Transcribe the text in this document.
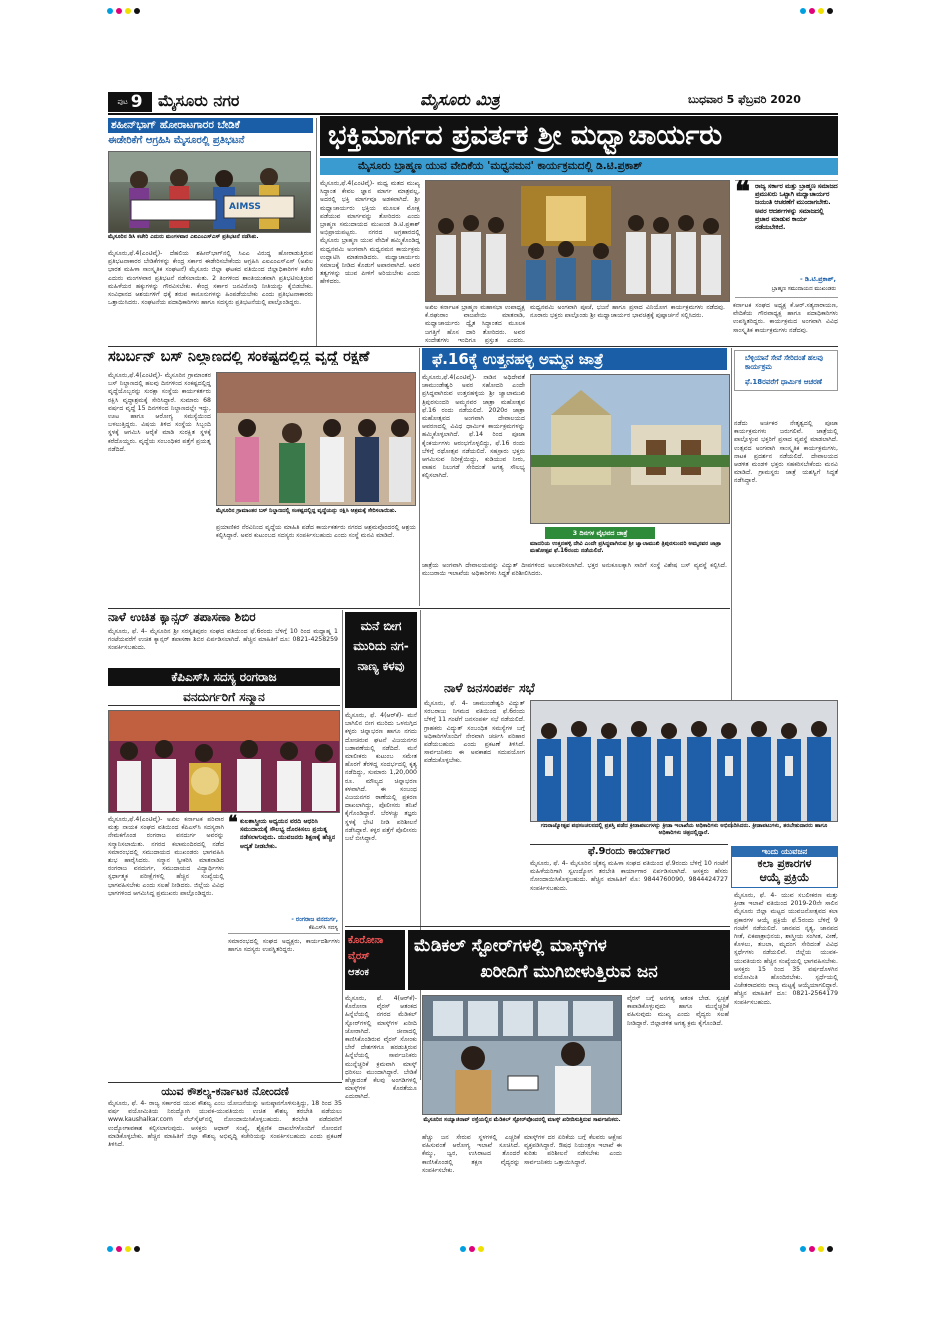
ಪುಟ 9 ಮೈಸೂರು ನಗರ	ಮೈಸೂರು ಮಿತ್ರ	ಬುಧವಾರ 5 ಫೆಬ್ರವರಿ 2020
ಶಹೀನ್‌ಭಾಗ್ ಹೋರಾಟಗಾರರ ಬೇಡಿಕೆ
ಈಡೇರಿಕೆಗೆ ಆಗ್ರಹಿಸಿ ಮೈಸೂರಲ್ಲಿ ಪ್ರತಿಭಟನೆ
AIMSS
ಮೈಸೂರಿನ ಡಿಸಿ ಕಚೇರಿ ಎದುರು ಮಂಗಳವಾರ ಎಐಎಂಎಸ್‌ಎಸ್ ಪ್ರತಿಭಟನೆ ನಡೆಸಿತು.
ಮೈಸೂರು,ಫೆ.4(ಎಂಟಿವೈ)- ದೆಹಲಿಯ ಶಹೀನ್‌ಭಾಗ್‌ನಲ್ಲಿ ಸಿಎಎ ವಿರುದ್ಧ ಹೋರಾಡುತ್ತಿರುವ ಪ್ರತಿಭಟನಾಕಾರರ ಬೇಡಿಕೆಗಳನ್ನು ಕೇಂದ್ರ ಸರ್ಕಾರ ಈಡೇರಿಸಬೇಕೆಂದು ಆಗ್ರಹಿಸಿ ಎಐಎಂಎಸ್‌ಎಸ್ (ಅಖಿಲ ಭಾರತ ಮಹಿಳಾ ಸಾಂಸ್ಕೃತಿಕ ಸಂಘಟನೆ) ಮೈಸೂರು ಜಿಲ್ಲಾ ಘಟಕದ ವತಿಯಿಂದ ಜಿಲ್ಲಾಧಿಕಾರಿಗಳ ಕಚೇರಿ ಎದುರು ಮಂಗಳವಾರ ಪ್ರತಿಭಟನೆ ನಡೆಸಲಾಯಿತು. 2 ತಿಂಗಳಿಂದ ಶಾಂತಿಯುತವಾಗಿ ಪ್ರತಿಭಟಿಸುತ್ತಿರುವ ಮಹಿಳೆಯರ ಹಕ್ಕುಗಳನ್ನು ಗೌರವಿಸಬೇಕು. ಕೇಂದ್ರ ಸರ್ಕಾರ ಜನವಿರೋಧಿ ನೀತಿಯನ್ನು ಕೈಬಿಡಬೇಕು. ಸಂವಿಧಾನದ ಆಶಯಗಳಿಗೆ ಧಕ್ಕೆ ತರುವ ಕಾನೂನುಗಳನ್ನು ಹಿಂಪಡೆಯಬೇಕು ಎಂದು ಪ್ರತಿಭಟನಾಕಾರರು ಒತ್ತಾಯಿಸಿದರು. ಸಂಘಟನೆಯ ಪದಾಧಿಕಾರಿಗಳು ಹಾಗೂ ಸದಸ್ಯರು ಪ್ರತಿಭಟನೆಯಲ್ಲಿ ಪಾಲ್ಗೊಂಡಿದ್ದರು.
ಭಕ್ತಿಮಾರ್ಗದ ಪ್ರವರ್ತಕ ಶ್ರೀ ಮಧ್ವಾಚಾರ್ಯರು
ಮೈಸೂರು ಬ್ರಾಹ್ಮಣ ಯುವ ವೇದಿಕೆಯ 'ಮಧ್ವನಮನ' ಕಾರ್ಯಕ್ರಮದಲ್ಲಿ ಡಿ.ಟಿ.ಪ್ರಕಾಶ್
ಮೈಸೂರು,ಫೆ.4(ಎಂಟಿವೈ)- ಮಧ್ವ ಮತದ ಮುಖ್ಯ ಸಿದ್ಧಾಂತ ಕೇವಲ ಜ್ಞಾನ ಮಾರ್ಗ ಮಾತ್ರವಲ್ಲ, ಅದರಲ್ಲಿ ಭಕ್ತಿ ಮಾರ್ಗವೂ ಅಡಕವಾಗಿದೆ. ಶ್ರೀ ಮಧ್ವಾಚಾರ್ಯರು ಭಕ್ತಿಯ ಮೂಲಕ ಮೋಕ್ಷ ಪಡೆಯುವ ಮಾರ್ಗವನ್ನು ತೋರಿದರು ಎಂದು ಬ್ರಾಹ್ಮಣ ಸಮುದಾಯದ ಮುಖಂಡ ಡಿ.ಟಿ.ಪ್ರಕಾಶ್ ಅಭಿಪ್ರಾಯಪಟ್ಟರು. ನಗರದ ಅಗ್ರಹಾರದಲ್ಲಿ ಮೈಸೂರು ಬ್ರಾಹ್ಮಣ ಯುವ ವೇದಿಕೆ ಹಮ್ಮಿಕೊಂಡಿದ್ದ ಮಧ್ವನವಮಿ ಅಂಗವಾಗಿ ಮಧ್ವನಮನ ಕಾರ್ಯಕ್ರಮ ಉದ್ಘಾಟಿಸಿ ಮಾತನಾಡಿದರು. ಮಧ್ವಾಚಾರ್ಯರು ಸಮಾಜಕ್ಕೆ ನೀಡಿದ ಕೊಡುಗೆ ಅಪಾರವಾಗಿದೆ. ಅವರ ತತ್ವಗಳನ್ನು ಯುವ ಪೀಳಿಗೆ ಅರಿಯಬೇಕು ಎಂದು ಹೇಳಿದರು.
ಅಖಿಲ ಕರ್ನಾಟಕ ಬ್ರಾಹ್ಮಣ ಮಹಾಸಭಾ ಉಪಾಧ್ಯಕ್ಷ ಕೆ.ರಘುರಾಂ ವಾಜಪೇಯಿ ಮಾತನಾಡಿ, ಮಧ್ವಾಚಾರ್ಯರು ದ್ವೈತ ಸಿದ್ಧಾಂತದ ಮೂಲಕ ಜಗತ್ತಿಗೆ ಹೊಸ ದಾರಿ ತೋರಿದರು. ಅವರ ಸಂದೇಶಗಳು ಇಂದಿಗೂ ಪ್ರಸ್ತುತ ಎಂದರು.
ಮಧ್ವನವಮಿ ಅಂಗವಾಗಿ ಪೂಜೆ, ಭಜನೆ ಹಾಗೂ ಪ್ರಸಾದ ವಿನಿಯೋಗ ಕಾರ್ಯಕ್ರಮಗಳು ನಡೆದವು. ನೂರಾರು ಭಕ್ತರು ಪಾಲ್ಗೊಂಡು ಶ್ರೀ ಮಧ್ವಾಚಾರ್ಯರ ಭಾವಚಿತ್ರಕ್ಕೆ ಪುಷ್ಪಾರ್ಚನೆ ಸಲ್ಲಿಸಿದರು.
❝ ರಾಜ್ಯ ಸರ್ಕಾರ ಮತ್ತು ಬ್ರಾಹ್ಮಣ ಸಮಾಜದ ಪ್ರಮುಖರು ಒಟ್ಟಾಗಿ ಮಧ್ವಾಚಾರ್ಯರ ಜಯಂತಿ ಆಚರಣೆಗೆ ಮುಂದಾಗಬೇಕು. ಅವರ ಆದರ್ಶಗಳನ್ನು ಸಮಾಜದಲ್ಲಿ ಪ್ರಚಾರ ಮಾಡುವ ಕಾರ್ಯ ನಡೆಯಬೇಕಿದೆ.
- ಡಿ.ಟಿ.ಪ್ರಕಾಶ್,
ಬ್ರಾಹ್ಮಣ ಸಮುದಾಯದ ಮುಖಂಡರು
ಕರ್ನಾಟಕ ಸಂಘದ ಅಧ್ಯಕ್ಷ ಕೆ.ಆರ್.ಸತ್ಯನಾರಾಯಣ, ವೇದಿಕೆಯ ಗೌರವಾಧ್ಯಕ್ಷ ಹಾಗೂ ಪದಾಧಿಕಾರಿಗಳು ಉಪಸ್ಥಿತರಿದ್ದರು. ಕಾರ್ಯಕ್ರಮದ ಅಂಗವಾಗಿ ವಿವಿಧ ಸಾಂಸ್ಕೃತಿಕ ಕಾರ್ಯಕ್ರಮಗಳು ನಡೆದವು.
ಸಬರ್ಬನ್ ಬಸ್ ನಿಲ್ದಾಣದಲ್ಲಿ ಸಂಕಷ್ಟದಲ್ಲಿದ್ದ ವೃದ್ಧೆ ರಕ್ಷಣೆ
ಮೈಸೂರು,ಫೆ.4(ಎಂಟಿವೈ)- ಮೈಸೂರಿನ ಗ್ರಾಮಾಂತರ ಬಸ್ ನಿಲ್ದಾಣದಲ್ಲಿ ಹಲವು ದಿನಗಳಿಂದ ಸಂಕಷ್ಟದಲ್ಲಿದ್ದ ವೃದ್ಧೆಯೊಬ್ಬರನ್ನು ಸುರಕ್ಷಾ ಸಂಸ್ಥೆಯ ಕಾರ್ಯಕರ್ತರು ರಕ್ಷಿಸಿ ವೃದ್ಧಾಶ್ರಮಕ್ಕೆ ಸೇರಿಸಿದ್ದಾರೆ. ಸುಮಾರು 68 ವರ್ಷದ ವೃದ್ಧೆ 15 ದಿನಗಳಿಂದ ನಿಲ್ದಾಣದಲ್ಲೇ ಇದ್ದು, ಊಟ ಹಾಗೂ ಆರೋಗ್ಯ ಸಮಸ್ಯೆಯಿಂದ ಬಳಲುತ್ತಿದ್ದರು. ವಿಷಯ ತಿಳಿದ ಸಂಸ್ಥೆಯ ಸಿಬ್ಬಂದಿ ಸ್ಥಳಕ್ಕೆ ಆಗಮಿಸಿ ಆರೈಕೆ ಮಾಡಿ ಸುರಕ್ಷಿತ ಸ್ಥಳಕ್ಕೆ ಕರೆದೊಯ್ದರು. ವೃದ್ಧೆಯ ಸಂಬಂಧಿಕರ ಪತ್ತೆಗೆ ಪ್ರಯತ್ನ ನಡೆದಿದೆ.
ಮೈಸೂರಿನ ಗ್ರಾಮಾಂತರ ಬಸ್ ನಿಲ್ದಾಣದಲ್ಲಿ ಸಂಕಷ್ಟದಲ್ಲಿದ್ದ ವೃದ್ಧೆಯನ್ನು ರಕ್ಷಿಸಿ ಆಶ್ರಮಕ್ಕೆ ಸೇರಿಸಲಾಯಿತು.
ಪ್ರಯಾಣಿಕರ ನೆರವಿನಿಂದ ವೃದ್ಧೆಯ ಮಾಹಿತಿ ಪಡೆದ ಕಾರ್ಯಕರ್ತರು ನಗರದ ಆಶ್ರಮವೊಂದರಲ್ಲಿ ಆಶ್ರಯ ಕಲ್ಪಿಸಿದ್ದಾರೆ. ಅವರ ಕುಟುಂಬದ ಸದಸ್ಯರು ಸಂಪರ್ಕಿಸಬಹುದು ಎಂದು ಸಂಸ್ಥೆ ಮನವಿ ಮಾಡಿದೆ.
ಫೆ.16ಕ್ಕೆ ಉತ್ತನಹಳ್ಳಿ ಅಮ್ಮನ ಜಾತ್ರೆ
ಮೈಸೂರು,ಫೆ.4(ಎಂಟಿವೈ)- ನಾಡಿನ ಅಧಿದೇವತೆ ಚಾಮುಂಡೇಶ್ವರಿ ಅವರ ಸಹೋದರಿ ಎಂದೇ ಪ್ರಸಿದ್ಧವಾಗಿರುವ ಉತ್ತನಹಳ್ಳಿಯ ಶ್ರೀ ಜ್ವಾಲಾಮುಖಿ ತ್ರಿಪುರಸುಂದರಿ ಅಮ್ಮನವರ ಜಾತ್ರಾ ಮಹೋತ್ಸವ ಫೆ.16 ರಂದು ನಡೆಯಲಿದೆ. 2020ರ ಜಾತ್ರಾ ಮಹೋತ್ಸವದ ಅಂಗವಾಗಿ ದೇವಾಲಯದ ಆವರಣದಲ್ಲಿ ವಿವಿಧ ಧಾರ್ಮಿಕ ಕಾರ್ಯಕ್ರಮಗಳನ್ನು ಹಮ್ಮಿಕೊಳ್ಳಲಾಗಿದೆ. ಫೆ.14 ರಿಂದ ಪೂಜಾ ಕೈಂಕರ್ಯಗಳು ಆರಂಭಗೊಳ್ಳಲಿದ್ದು, ಫೆ.16 ರಂದು ಬೆಳಿಗ್ಗೆ ರಥೋತ್ಸವ ನಡೆಯಲಿದೆ. ಸಹಸ್ರಾರು ಭಕ್ತರು ಆಗಮಿಸುವ ನಿರೀಕ್ಷೆಯಿದ್ದು, ಕುಡಿಯುವ ನೀರು, ವಾಹನ ನಿಲುಗಡೆ ಸೇರಿದಂತೆ ಅಗತ್ಯ ಸೌಲಭ್ಯ ಕಲ್ಪಿಸಲಾಗಿದೆ.
3 ದಿನಗಳ ವೈಭವದ ಜಾತ್ರೆ
ಮಾದರಿಯ ಉತ್ತನಹಳ್ಳಿ ದೇವಿ ಎಂದೇ ಪ್ರಸಿದ್ಧವಾಗಿರುವ ಶ್ರೀ ಜ್ವಾಲಾಮುಖಿ ತ್ರಿಪುರಸುಂದರಿ ಅಮ್ಮನವರ ಜಾತ್ರಾ ಮಹೋತ್ಸವ ಫೆ.16ರಂದು ನಡೆಯಲಿದೆ.
ಜಾತ್ರೆಯ ಅಂಗವಾಗಿ ದೇವಾಲಯವನ್ನು ವಿದ್ಯುತ್ ದೀಪಗಳಿಂದ ಅಲಂಕರಿಸಲಾಗಿದೆ. ಭಕ್ತರ ಅನುಕೂಲಕ್ಕಾಗಿ ಸಾರಿಗೆ ಸಂಸ್ಥೆ ವಿಶೇಷ ಬಸ್ ವ್ಯವಸ್ಥೆ ಕಲ್ಪಿಸಿದೆ. ಮುಜರಾಯಿ ಇಲಾಖೆಯ ಅಧಿಕಾರಿಗಳು ಸಿದ್ಧತೆ ಪರಿಶೀಲಿಸಿದರು.
ಬೆಳ್ಳಿಯಾನೆ ಸೇವೆ ಸೇರಿದಂತೆ ಹಲವು ಕಾರ್ಯಕ್ರಮ
ಫೆ.18ರವರೆಗೆ ಧಾರ್ಮಿಕ ಆಚರಣೆ
ನಡೆದು ಅರ್ಚಕರ ನೇತೃತ್ವದಲ್ಲಿ ಪೂಜಾ ಕಾರ್ಯಕ್ರಮಗಳು ಜರುಗಲಿವೆ. ಜಾತ್ರೆಯಲ್ಲಿ ಪಾಲ್ಗೊಳ್ಳುವ ಭಕ್ತರಿಗೆ ಪ್ರಸಾದ ವ್ಯವಸ್ಥೆ ಮಾಡಲಾಗಿದೆ. ಉತ್ಸವದ ಅಂಗವಾಗಿ ಸಾಂಸ್ಕೃತಿಕ ಕಾರ್ಯಕ್ರಮಗಳು, ನಾಟಕ ಪ್ರದರ್ಶನ ನಡೆಯಲಿದೆ. ದೇವಾಲಯದ ಆಡಳಿತ ಮಂಡಳಿ ಭಕ್ತರು ಸಹಕರಿಸಬೇಕೆಂದು ಮನವಿ ಮಾಡಿದೆ. ಗ್ರಾಮಸ್ಥರು ಜಾತ್ರೆ ಯಶಸ್ವಿಗೆ ಸಿದ್ಧತೆ ನಡೆಸಿದ್ದಾರೆ.
ನಾಳೆ ಉಚಿತ ಕ್ಯಾನ್ಸರ್ ತಪಾಸಣಾ ಶಿಬಿರ
ಮೈಸೂರು, ಫೆ. 4- ಮೈಸೂರಿನ ಶ್ರೀ ಸರಸ್ವತಿಪುರಂ ಸಂಘದ ವತಿಯಿಂದ ಫೆ.6ರಂದು ಬೆಳಿಗ್ಗೆ 10 ರಿಂದ ಮಧ್ಯಾಹ್ನ 1 ಗಂಟೆಯವರೆಗೆ ಉಚಿತ ಕ್ಯಾನ್ಸರ್ ತಪಾಸಣಾ ಶಿಬಿರ ಏರ್ಪಡಿಸಲಾಗಿದೆ. ಹೆಚ್ಚಿನ ಮಾಹಿತಿಗೆ ದೂ: 0821-4258259 ಸಂಪರ್ಕಿಸಬಹುದು.
ಕೆಪಿಎಸ್‌ಸಿ ಸದಸ್ಯ ರಂಗರಾಜ
ವನದುರ್ಗರಿಗೆ ಸನ್ಮಾನ
ಮೈಸೂರು,ಫೆ.4(ಎಂಟಿವೈ)- ಅಖಿಲ ಕರ್ನಾಟಕ ಪರಿವಾರ ಮತ್ತು ನಾಯಕ ಸಂಘದ ವತಿಯಿಂದ ಕೆಪಿಎಸ್‌ಸಿ ಸದಸ್ಯರಾಗಿ ನೇಮಕಗೊಂಡ ರಂಗರಾಜ ವನದುರ್ಗ ಅವರನ್ನು ಸನ್ಮಾನಿಸಲಾಯಿತು. ನಗರದ ಕಲಾಮಂದಿರದಲ್ಲಿ ನಡೆದ ಸಮಾರಂಭದಲ್ಲಿ ಸಮುದಾಯದ ಮುಖಂಡರು ಭಾಗವಹಿಸಿ ಶುಭ ಹಾರೈಸಿದರು. ಸನ್ಮಾನ ಸ್ವೀಕರಿಸಿ ಮಾತನಾಡಿದ ರಂಗರಾಜ ವನದುರ್ಗ, ಸಮುದಾಯದ ವಿದ್ಯಾರ್ಥಿಗಳು ಸ್ಪರ್ಧಾತ್ಮಕ ಪರೀಕ್ಷೆಗಳಲ್ಲಿ ಹೆಚ್ಚಿನ ಸಂಖ್ಯೆಯಲ್ಲಿ ಭಾಗವಹಿಸಬೇಕು ಎಂದು ಸಲಹೆ ನೀಡಿದರು. ಜಿಲ್ಲೆಯ ವಿವಿಧ ಭಾಗಗಳಿಂದ ಆಗಮಿಸಿದ್ದ ಪ್ರಮುಖರು ಪಾಲ್ಗೊಂಡಿದ್ದರು.
❝ ಕುಲಶಾಸ್ತ್ರೀಯ ಅಧ್ಯಯನ ವರದಿ ಆಧರಿಸಿ ಸಮುದಾಯಕ್ಕೆ ಸೌಲಭ್ಯ ದೊರಕಿಸಲು ಪ್ರಯತ್ನ ನಡೆಸಲಾಗುವುದು. ಯುವಜನರು ಶಿಕ್ಷಣಕ್ಕೆ ಹೆಚ್ಚಿನ ಆದ್ಯತೆ ನೀಡಬೇಕು.
- ರಂಗರಾಜ ವನದುರ್ಗ,
ಕೆಪಿಎಸ್‌ಸಿ ಸದಸ್ಯ
ಸಮಾರಂಭದಲ್ಲಿ ಸಂಘದ ಅಧ್ಯಕ್ಷರು, ಕಾರ್ಯದರ್ಶಿಗಳು ಹಾಗೂ ಸದಸ್ಯರು ಉಪಸ್ಥಿತರಿದ್ದರು.
ಮನೆ ಬೀಗ
ಮುರಿದು ನಗ-
ನಾಣ್ಯ ಕಳವು
ಮೈಸೂರು, ಫೆ. 4(ಆರ್‌ಕೆ)- ಮನೆ ಬಾಗಿಲಿನ ಬೀಗ ಮುರಿದು ಒಳನುಗ್ಗಿದ ಕಳ್ಳರು ಚಿನ್ನಾಭರಣ ಹಾಗೂ ನಗದು ದೋಚಿರುವ ಘಟನೆ ವಿಜಯನಗರ ಬಡಾವಣೆಯಲ್ಲಿ ನಡೆದಿದೆ. ಮನೆ ಮಾಲೀಕರು ಕುಟುಂಬ ಸಮೇತ ಹೊರಗೆ ತೆರಳಿದ್ದ ಸಂದರ್ಭದಲ್ಲಿ ಕೃತ್ಯ ನಡೆದಿದ್ದು, ಸುಮಾರು 1,20,000 ರೂ. ಮೌಲ್ಯದ ಚಿನ್ನಾಭರಣ ಕಳವಾಗಿದೆ. ಈ ಸಂಬಂಧ ವಿಜಯನಗರ ಠಾಣೆಯಲ್ಲಿ ಪ್ರಕರಣ ದಾಖಲಾಗಿದ್ದು, ಪೊಲೀಸರು ತನಿಖೆ ಕೈಗೊಂಡಿದ್ದಾರೆ. ಬೆರಳಚ್ಚು ತಜ್ಞರು ಸ್ಥಳಕ್ಕೆ ಭೇಟಿ ನೀಡಿ ಪರಿಶೀಲನೆ ನಡೆಸಿದ್ದಾರೆ. ಕಳ್ಳರ ಪತ್ತೆಗೆ ಪೊಲೀಸರು ಬಲೆ ಬೀಸಿದ್ದಾರೆ.
ನಾಳೆ ಜನಸಂಪರ್ಕ ಸಭೆ
ಮೈಸೂರು, ಫೆ. 4- ಚಾಮುಂಡೇಶ್ವರಿ ವಿದ್ಯುತ್ ಸರಬರಾಜು ನಿಗಮದ ವತಿಯಿಂದ ಫೆ.6ರಂದು ಬೆಳಿಗ್ಗೆ 11 ಗಂಟೆಗೆ ಜನಸಂಪರ್ಕ ಸಭೆ ನಡೆಯಲಿದೆ. ಗ್ರಾಹಕರು ವಿದ್ಯುತ್ ಸಂಬಂಧಿತ ಸಮಸ್ಯೆಗಳ ಬಗ್ಗೆ ಅಧಿಕಾರಿಗಳೊಂದಿಗೆ ನೇರವಾಗಿ ಚರ್ಚಿಸಿ ಪರಿಹಾರ ಪಡೆಯಬಹುದು ಎಂದು ಪ್ರಕಟಣೆ ತಿಳಿಸಿದೆ. ಸಾರ್ವಜನಿಕರು ಈ ಅವಕಾಶದ ಸದುಪಯೋಗ ಪಡೆದುಕೊಳ್ಳಬೇಕು.
ಗಣರಾಜ್ಯೋತ್ಸವ ಪಥಸಂಚಲನದಲ್ಲಿ ಪ್ರಶಸ್ತಿ ಪಡೆದ ಕ್ರೀಡಾಪಟುಗಳನ್ನು ಕ್ರೀಡಾ ಇಲಾಖೆಯ ಅಧಿಕಾರಿಗಳು ಅಭಿನಂದಿಸಿದರು. ಕ್ರೀಡಾಪಟುಗಳು, ತರಬೇತುದಾರರು ಹಾಗೂ ಅಧಿಕಾರಿಗಳು ಚಿತ್ರದಲ್ಲಿದ್ದಾರೆ.
ಫೆ.9ರಂದು ಕಾರ್ಯಾಗಾರ
ಮೈಸೂರು, ಫೆ. 4- ಮೈಸೂರಿನ ಚೈತನ್ಯ ಮಹಿಳಾ ಸಂಘದ ವತಿಯಿಂದ ಫೆ.9ರಂದು ಬೆಳಿಗ್ಗೆ 10 ಗಂಟೆಗೆ ಮಹಿಳೆಯರಿಗಾಗಿ ಸ್ವಉದ್ಯೋಗ ತರಬೇತಿ ಕಾರ್ಯಾಗಾರ ಏರ್ಪಡಿಸಲಾಗಿದೆ. ಆಸಕ್ತರು ಹೆಸರು ನೋಂದಾಯಿಸಿಕೊಳ್ಳಬಹುದು. ಹೆಚ್ಚಿನ ಮಾಹಿತಿಗೆ ಮೊ: 9844760090, 9844424727 ಸಂಪರ್ಕಿಸಬಹುದು.
ಇಂದು ಯುವಜನ
ಕಲಾ ಪ್ರಕಾರಗಳ
ಆಯ್ಕೆ ಪ್ರಕ್ರಿಯೆ
ಮೈಸೂರು, ಫೆ. 4- ಯುವ ಸಬಲೀಕರಣ ಮತ್ತು ಕ್ರೀಡಾ ಇಲಾಖೆ ವತಿಯಿಂದ 2019-20ನೇ ಸಾಲಿನ ಮೈಸೂರು ಜಿಲ್ಲಾ ಮಟ್ಟದ ಯುವಜನೋತ್ಸವದ ಕಲಾ ಪ್ರಕಾರಗಳ ಆಯ್ಕೆ ಪ್ರಕ್ರಿಯೆ ಫೆ.5ರಂದು ಬೆಳಿಗ್ಗೆ 9 ಗಂಟೆಗೆ ನಡೆಯಲಿದೆ. ಜಾನಪದ ನೃತ್ಯ, ಜಾನಪದ ಗೀತೆ, ಏಕಪಾತ್ರಾಭಿನಯ, ಶಾಸ್ತ್ರೀಯ ಸಂಗೀತ, ವೀಣೆ, ಕೊಳಲು, ತಬಲಾ, ಮೃದಂಗ ಸೇರಿದಂತೆ ವಿವಿಧ ಸ್ಪರ್ಧೆಗಳು ನಡೆಯಲಿವೆ. ಜಿಲ್ಲೆಯ ಯುವಕ-ಯುವತಿಯರು ಹೆಚ್ಚಿನ ಸಂಖ್ಯೆಯಲ್ಲಿ ಭಾಗವಹಿಸಬೇಕು. ಆಸಕ್ತರು 15 ರಿಂದ 35 ವರ್ಷದೊಳಗಿನ ವಯೋಮಿತಿ ಹೊಂದಿರಬೇಕು. ಸ್ಪರ್ಧೆಯಲ್ಲಿ ವಿಜೇತರಾದವರು ರಾಜ್ಯ ಮಟ್ಟಕ್ಕೆ ಆಯ್ಕೆಯಾಗಲಿದ್ದಾರೆ. ಹೆಚ್ಚಿನ ಮಾಹಿತಿಗೆ ದೂ: 0821-2564179 ಸಂಪರ್ಕಿಸಬಹುದು.
ಕೊರೋನಾ
ವೈರಸ್
ಆತಂಕ
ಮೆಡಿಕಲ್ ಸ್ಟೋರ್‌ಗಳಲ್ಲಿ ಮಾಸ್ಕ್‌ಗಳ
ಖರೀದಿಗೆ ಮುಗಿಬೀಳುತ್ತಿರುವ ಜನ
ಮೈಸೂರು, ಫೆ. 4(ಆರ್‌ಕೆ)- ಕೊರೋನಾ ವೈರಸ್ ಆತಂಕದ ಹಿನ್ನೆಲೆಯಲ್ಲಿ ನಗರದ ಮೆಡಿಕಲ್ ಸ್ಟೋರ್‌ಗಳಲ್ಲಿ ಮಾಸ್ಕ್‌ಗಳ ಖರೀದಿ ಜೋರಾಗಿದೆ. ಚೀನಾದಲ್ಲಿ ಕಾಣಿಸಿಕೊಂಡಿರುವ ವೈರಸ್ ಸೋಂಕು ಬೇರೆ ದೇಶಗಳಿಗೂ ಹರಡುತ್ತಿರುವ ಹಿನ್ನೆಲೆಯಲ್ಲಿ ಸಾರ್ವಜನಿಕರು ಮುನ್ನೆಚ್ಚರಿಕೆ ಕ್ರಮವಾಗಿ ಮಾಸ್ಕ್ ಧರಿಸಲು ಮುಂದಾಗಿದ್ದಾರೆ. ಬೇಡಿಕೆ ಹೆಚ್ಚಾದಂತೆ ಕೆಲವು ಅಂಗಡಿಗಳಲ್ಲಿ ಮಾಸ್ಕ್‌ಗಳ ಕೊರತೆಯೂ ಎದುರಾಗಿದೆ.
ಮೈಸೂರಿನ ಸಯ್ಯಾಜಿರಾವ್ ರಸ್ತೆಯಲ್ಲಿನ ಮೆಡಿಕಲ್ ಸ್ಟೋರ್‌ವೊಂದರಲ್ಲಿ ಮಾಸ್ಕ್ ಖರೀದಿಸುತ್ತಿರುವ ಸಾರ್ವಜನಿಕರು.
ಹೆಚ್ಚು ಜನ ಸೇರುವ ಸ್ಥಳಗಳಲ್ಲಿ ಎಚ್ಚರಿಕೆ ವಹಿಸುವಂತೆ ಆರೋಗ್ಯ ಇಲಾಖೆ ಸೂಚಿಸಿದೆ. ಕೆಮ್ಮು, ಜ್ವರ, ಉಸಿರಾಟದ ತೊಂದರೆ ಕಾಣಿಸಿಕೊಂಡಲ್ಲಿ ತಕ್ಷಣ ವೈದ್ಯರನ್ನು ಸಂಪರ್ಕಿಸಬೇಕು.
ಮಾಸ್ಕ್‌ಗಳ ದರ ಏರಿಕೆಯ ಬಗ್ಗೆ ಕೆಲವರು ಆಕ್ಷೇಪ ವ್ಯಕ್ತಪಡಿಸಿದ್ದಾರೆ. ಔಷಧ ನಿಯಂತ್ರಣ ಇಲಾಖೆ ಈ ಕುರಿತು ಪರಿಶೀಲನೆ ನಡೆಸಬೇಕು ಎಂದು ಸಾರ್ವಜನಿಕರು ಒತ್ತಾಯಿಸಿದ್ದಾರೆ.
ವೈರಸ್ ಬಗ್ಗೆ ಅನಗತ್ಯ ಆತಂಕ ಬೇಡ. ಸ್ವಚ್ಛತೆ ಕಾಪಾಡಿಕೊಳ್ಳುವುದು ಹಾಗೂ ಮುನ್ನೆಚ್ಚರಿಕೆ ವಹಿಸುವುದು ಮುಖ್ಯ ಎಂದು ವೈದ್ಯರು ಸಲಹೆ ನೀಡಿದ್ದಾರೆ. ಜಿಲ್ಲಾಡಳಿತ ಅಗತ್ಯ ಕ್ರಮ ಕೈಗೊಂಡಿದೆ.
ಯುವ ಕೌಶಲ್ಯ-ಕರ್ನಾಟಕ ನೋಂದಣಿ
ಮೈಸೂರು, ಫೆ. 4- ರಾಜ್ಯ ಸರ್ಕಾರದ ಯುವ ಕೌಶಲ್ಯ ಎಂಬ ಯೋಜನೆಯನ್ನು ಅನುಷ್ಠಾನಗೊಳಿಸುತ್ತಿದ್ದು, 18 ರಿಂದ 35 ವರ್ಷ ವಯೋಮಿತಿಯ ನಿರುದ್ಯೋಗಿ ಯುವಕ-ಯುವತಿಯರು ಉಚಿತ ಕೌಶಲ್ಯ ತರಬೇತಿ ಪಡೆಯಲು www.kaushalkar.com ವೆಬ್‌ಸೈಟ್‌ನಲ್ಲಿ ನೋಂದಾಯಿಸಿಕೊಳ್ಳಬಹುದು. ತರಬೇತಿ ಪಡೆದವರಿಗೆ ಉದ್ಯೋಗಾವಕಾಶ ಕಲ್ಪಿಸಲಾಗುವುದು. ಆಸಕ್ತರು ಆಧಾರ್ ಸಂಖ್ಯೆ, ಶೈಕ್ಷಣಿಕ ದಾಖಲೆಗಳೊಂದಿಗೆ ನೋಂದಣಿ ಮಾಡಿಕೊಳ್ಳಬೇಕು. ಹೆಚ್ಚಿನ ಮಾಹಿತಿಗೆ ಜಿಲ್ಲಾ ಕೌಶಲ್ಯ ಅಭಿವೃದ್ಧಿ ಕಚೇರಿಯನ್ನು ಸಂಪರ್ಕಿಸಬಹುದು ಎಂದು ಪ್ರಕಟಣೆ ತಿಳಿಸಿದೆ.
